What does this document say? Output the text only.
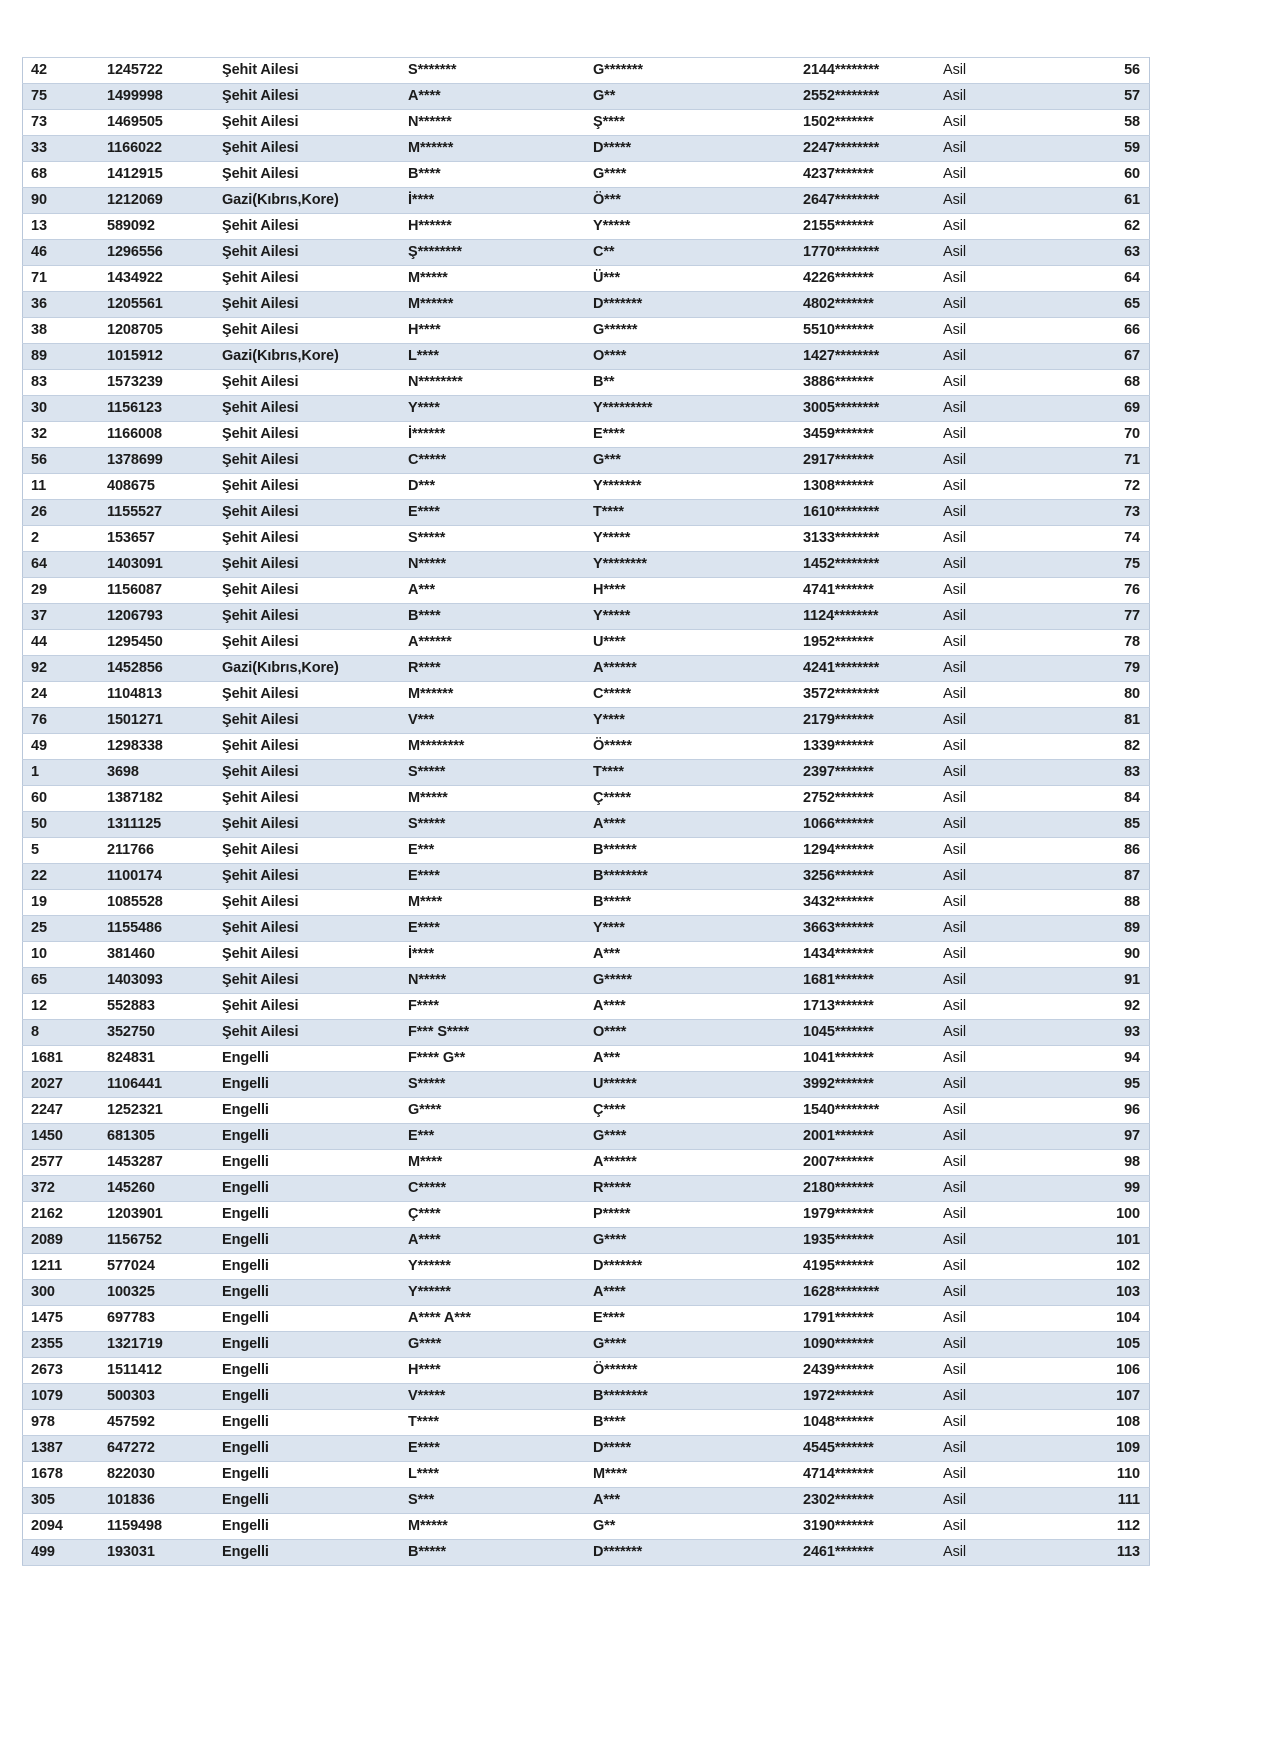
42	1245722	Şehit Ailesi	S*******	G*******	2144********	Asil	56
75	1499998	Şehit Ailesi	A****	G**	2552********	Asil	57
73	1469505	Şehit Ailesi	N******	Ş****	1502*******	Asil	58
33	1166022	Şehit Ailesi	M******	D*****	2247********	Asil	59
68	1412915	Şehit Ailesi	B****	G****	4237*******	Asil	60
90	1212069	Gazi(Kıbrıs,Kore)	İ****	Ö***	2647********	Asil	61
13	589092	Şehit Ailesi	H******	Y*****	2155*******	Asil	62
46	1296556	Şehit Ailesi	Ş********	C**	1770********	Asil	63
71	1434922	Şehit Ailesi	M*****	Ü***	4226*******	Asil	64
36	1205561	Şehit Ailesi	M******	D*******	4802*******	Asil	65
38	1208705	Şehit Ailesi	H****	G******	5510*******	Asil	66
89	1015912	Gazi(Kıbrıs,Kore)	L****	O****	1427********	Asil	67
83	1573239	Şehit Ailesi	N********	B**	3886*******	Asil	68
30	1156123	Şehit Ailesi	Y****	Y*********	3005********	Asil	69
32	1166008	Şehit Ailesi	İ******	E****	3459*******	Asil	70
56	1378699	Şehit Ailesi	C*****	G***	2917*******	Asil	71
11	408675	Şehit Ailesi	D***	Y*******	1308*******	Asil	72
26	1155527	Şehit Ailesi	E****	T****	1610********	Asil	73
2	153657	Şehit Ailesi	S*****	Y*****	3133********	Asil	74
64	1403091	Şehit Ailesi	N*****	Y********	1452********	Asil	75
29	1156087	Şehit Ailesi	A***	H****	4741*******	Asil	76
37	1206793	Şehit Ailesi	B****	Y*****	1124********	Asil	77
44	1295450	Şehit Ailesi	A******	U****	1952*******	Asil	78
92	1452856	Gazi(Kıbrıs,Kore)	R****	A******	4241********	Asil	79
24	1104813	Şehit Ailesi	M******	C*****	3572********	Asil	80
76	1501271	Şehit Ailesi	V***	Y****	2179*******	Asil	81
49	1298338	Şehit Ailesi	M********	Ö*****	1339*******	Asil	82
1	3698	Şehit Ailesi	S*****	T****	2397*******	Asil	83
60	1387182	Şehit Ailesi	M*****	Ç*****	2752*******	Asil	84
50	1311125	Şehit Ailesi	S*****	A****	1066*******	Asil	85
5	211766	Şehit Ailesi	E***	B******	1294*******	Asil	86
22	1100174	Şehit Ailesi	E****	B********	3256*******	Asil	87
19	1085528	Şehit Ailesi	M****	B*****	3432*******	Asil	88
25	1155486	Şehit Ailesi	E****	Y****	3663*******	Asil	89
10	381460	Şehit Ailesi	İ****	A***	1434*******	Asil	90
65	1403093	Şehit Ailesi	N*****	G*****	1681*******	Asil	91
12	552883	Şehit Ailesi	F****	A****	1713*******	Asil	92
8	352750	Şehit Ailesi	F*** S****	O****	1045*******	Asil	93
1681	824831	Engelli	F**** G**	A***	1041*******	Asil	94
2027	1106441	Engelli	S*****	U******	3992*******	Asil	95
2247	1252321	Engelli	G****	Ç****	1540********	Asil	96
1450	681305	Engelli	E***	G****	2001*******	Asil	97
2577	1453287	Engelli	M****	A******	2007*******	Asil	98
372	145260	Engelli	C*****	R*****	2180*******	Asil	99
2162	1203901	Engelli	Ç****	P*****	1979*******	Asil	100
2089	1156752	Engelli	A****	G****	1935*******	Asil	101
1211	577024	Engelli	Y******	D*******	4195*******	Asil	102
300	100325	Engelli	Y******	A****	1628********	Asil	103
1475	697783	Engelli	A**** A***	E****	1791*******	Asil	104
2355	1321719	Engelli	G****	G****	1090*******	Asil	105
2673	1511412	Engelli	H****	Ö******	2439*******	Asil	106
1079	500303	Engelli	V*****	B********	1972*******	Asil	107
978	457592	Engelli	T****	B****	1048*******	Asil	108
1387	647272	Engelli	E****	D*****	4545*******	Asil	109
1678	822030	Engelli	L****	M****	4714*******	Asil	110
305	101836	Engelli	S***	A***	2302*******	Asil	111
2094	1159498	Engelli	M*****	G**	3190*******	Asil	112
499	193031	Engelli	B*****	D*******	2461*******	Asil	113
